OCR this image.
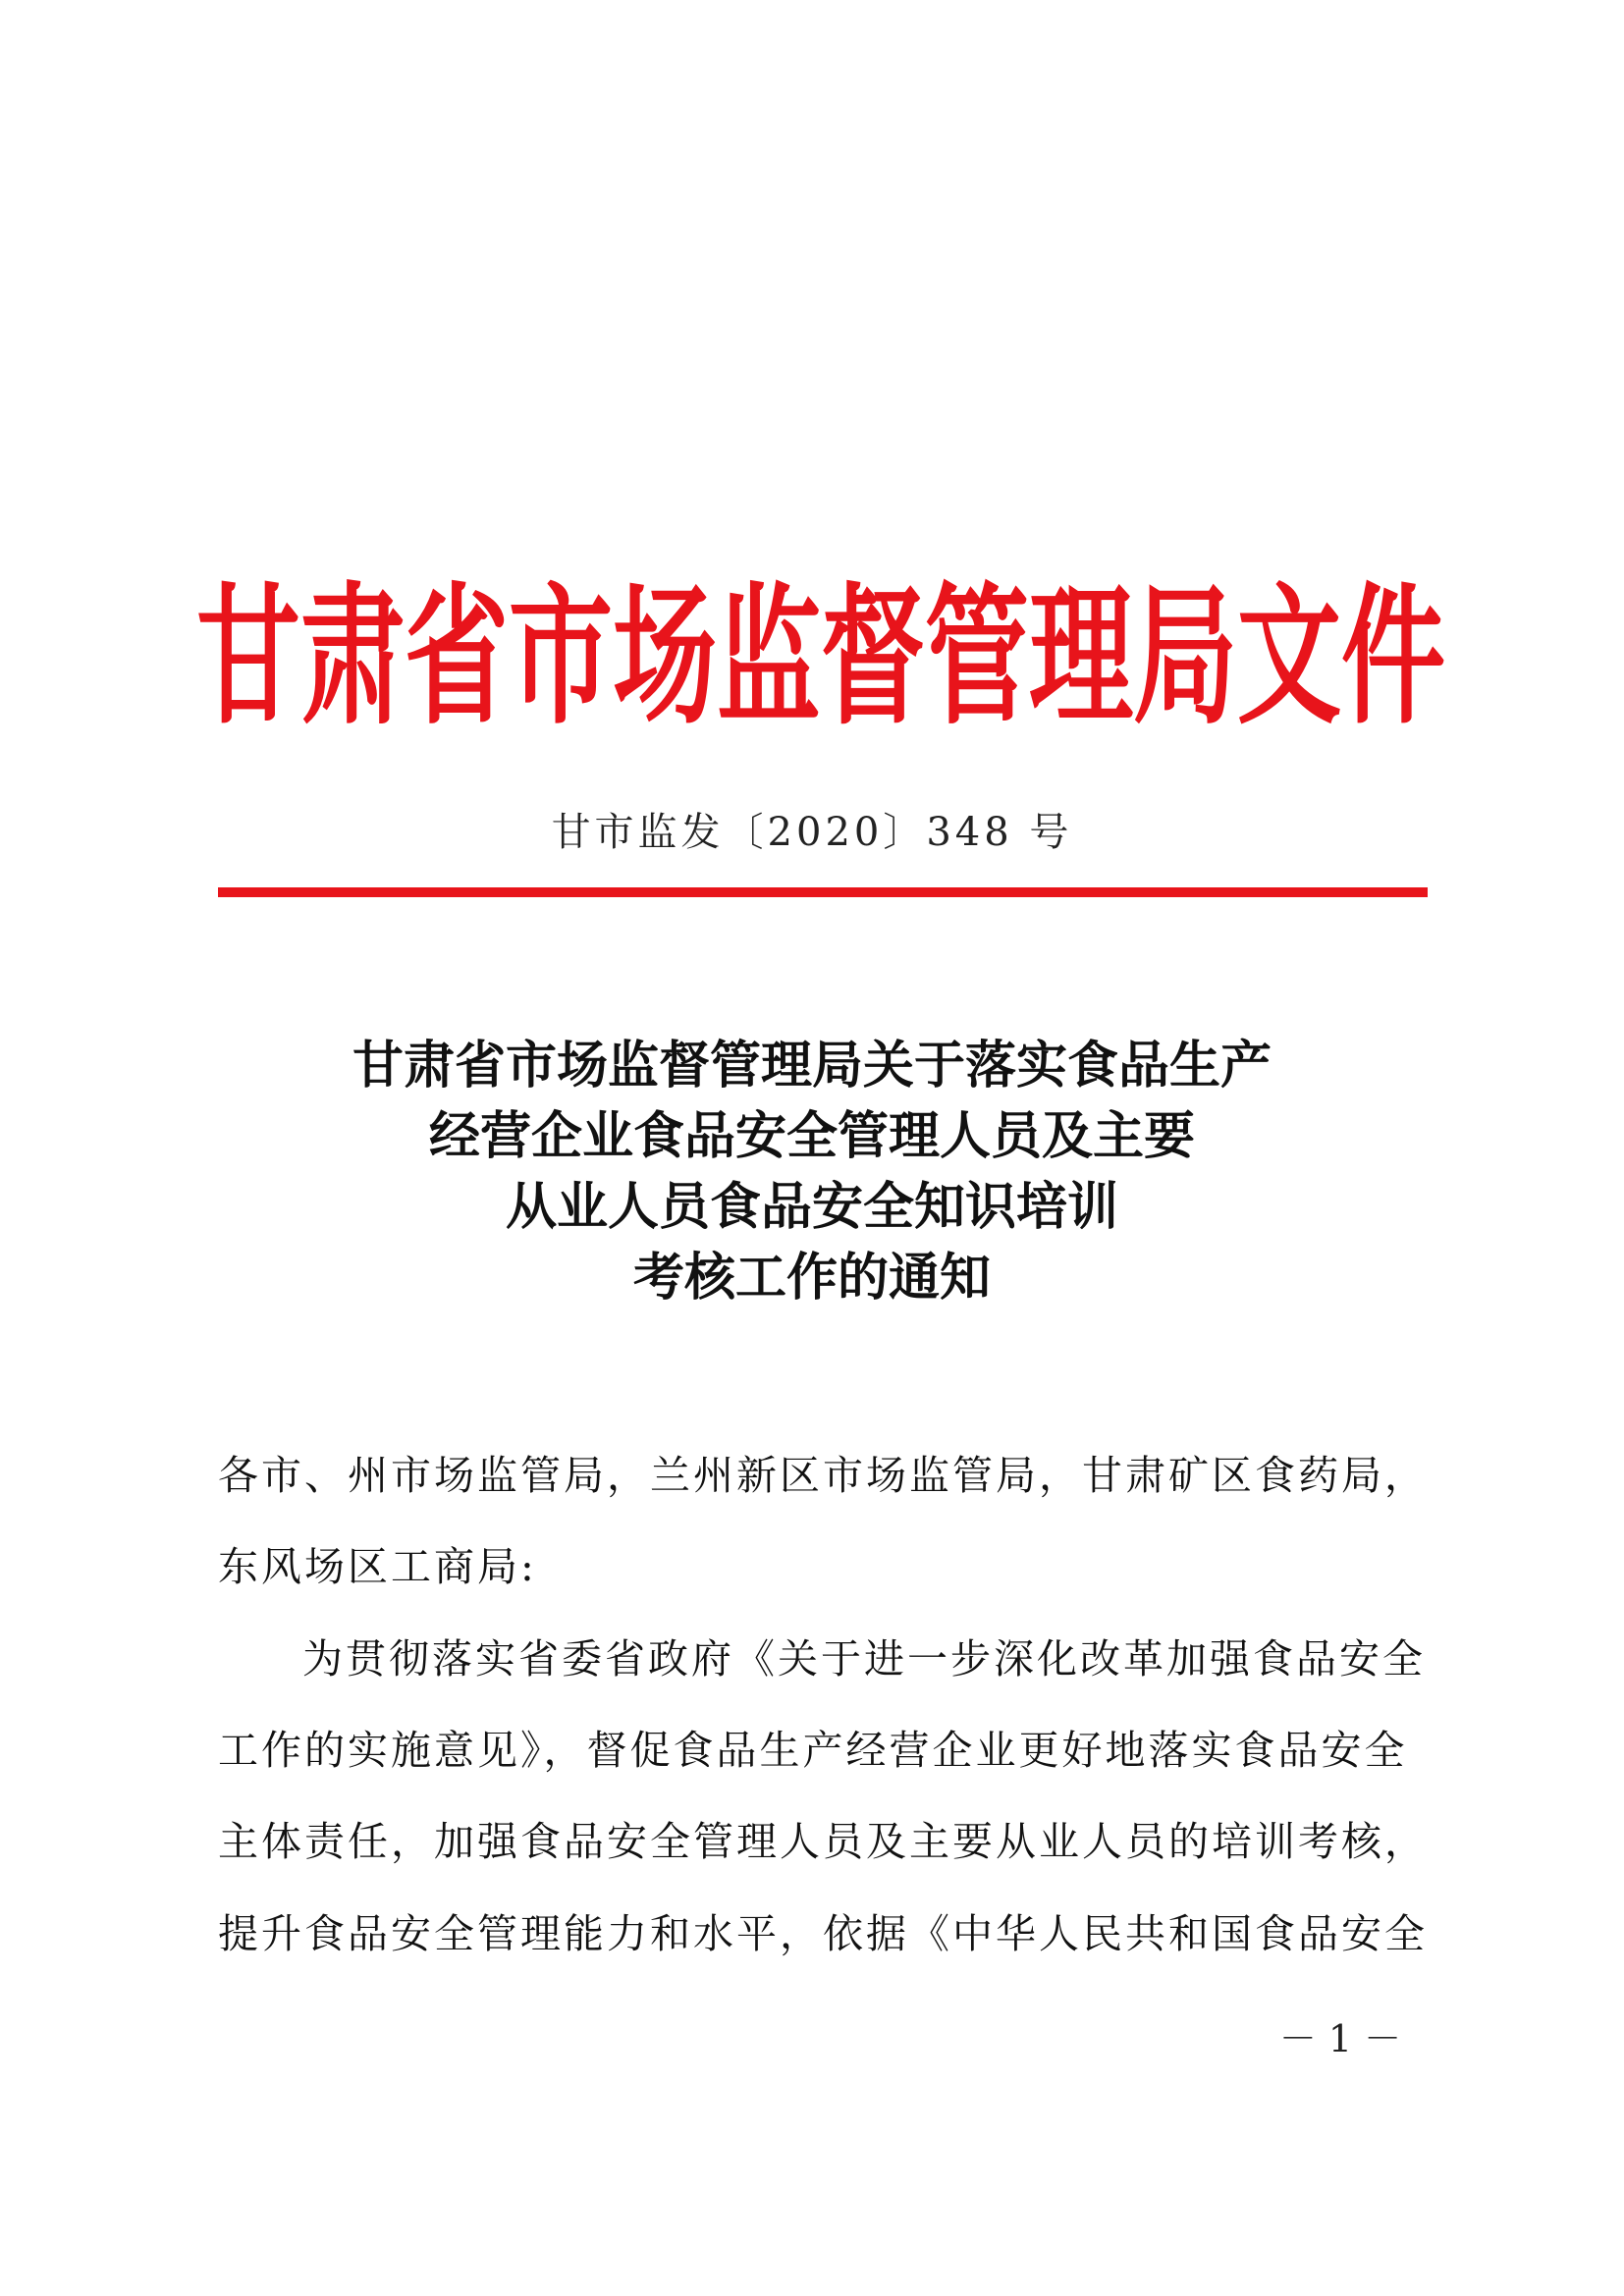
甘肃省市场监督管理局文件
甘市监发〔2020〕348 号
甘肃省市场监督管理局关于落实食品生产
经营企业食品安全管理人员及主要
从业人员食品安全知识培训
考核工作的通知
各市、州市场监管局，兰州新区市场监管局，甘肃矿区食药局，
东风场区工商局:
为贯彻落实省委省政府《关于进一步深化改革加强食品安全
工作的实施意见》，督促食品生产经营企业更好地落实食品安全
主体责任，加强食品安全管理人员及主要从业人员的培训考核，
提升食品安全管理能力和水平，依据《中华人民共和国食品安全
－ 1 －
